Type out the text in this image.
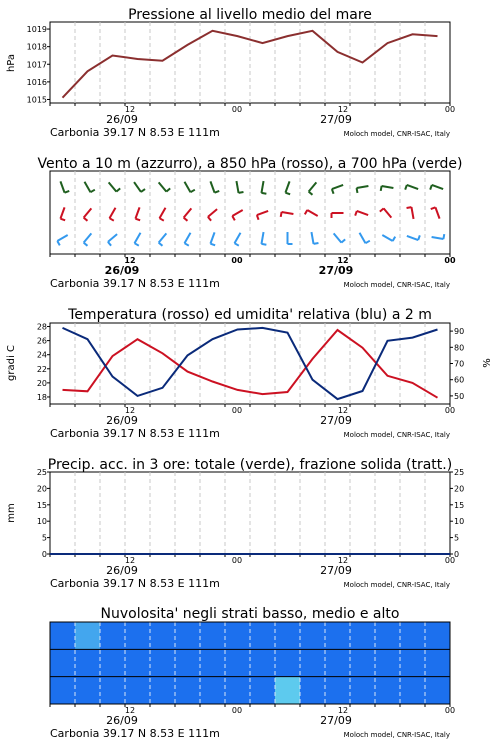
Pressione al livello medio del mare
Vento a 10 m (azzurro), a 850 hPa (rosso), a 700 hPa (verde)
Temperatura (rosso) ed umidita' relativa (blu) a 2 m
Precip. acc. in 3 ore: totale (verde), frazione solida (tratt.)
Nuvolosita' negli strati basso, medio e alto
hPa
gradi C	%
mm
1019
1018
1017
1016
1015
12	00	12	00
26/09	27/09
Carbonia 39.17 N 8.53 E 111m	Moloch model, CNR-ISAC, Italy
12	00	12	00
26/09	27/09
Carbonia 39.17 N 8.53 E 111m	Moloch model, CNR-ISAC, Italy
28
26
24
22
20
18
90
80
70
60
50
12	00	12	00
26/09	27/09
Carbonia 39.17 N 8.53 E 111m	Moloch model, CNR-ISAC, Italy
25
20
15
10
5
0
25
20
15
10
5
0
12	00	12	00
26/09	27/09
Carbonia 39.17 N 8.53 E 111m	Moloch model, CNR-ISAC, Italy
12	00	12	00
26/09	27/09
Carbonia 39.17 N 8.53 E 111m	Moloch model, CNR-ISAC, Italy
